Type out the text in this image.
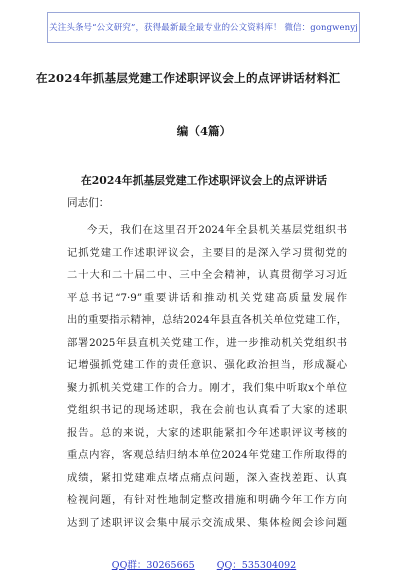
关注头条号“公文研究”，获得最新最全最专业的公文资料库！ 微信：gongwenyj
在2024年抓基层党建工作述职评议会上的点评讲话材料汇
编（4篇）
在2024年抓基层党建工作述职评议会上的点评讲话
同志们：
今天，我们在这里召开2024年全县机关基层党组织书
记抓党建工作述职评议会，主要目的是深入学习贯彻党的
二十大和二十届二中、三中全会精神，认真贯彻学习习近
平总书记“7·9”重要讲话和推动机关党建高质量发展作
出的重要指示精神，总结2024年县直各机关单位党建工作，
部署2025年县直机关党建工作，进一步推动机关党组织书
记增强抓党建工作的责任意识、强化政治担当，形成凝心
聚力抓机关党建工作的合力。刚才，我们集中听取x个单位
党组织书记的现场述职，我在会前也认真看了大家的述职
报告。总的来说，大家的述职能紧扣今年述职评议考核的
重点内容，客观总结归纳本单位2024年党建工作所取得的
成绩，紧扣党建难点堵点痛点问题，深入查找差距、认真
检视问题，有针对性地制定整改措施和明确今年工作方向
达到了述职评议会集中展示交流成果、集体检阅会诊问题
QQ群：30265665 QQ：535304092
